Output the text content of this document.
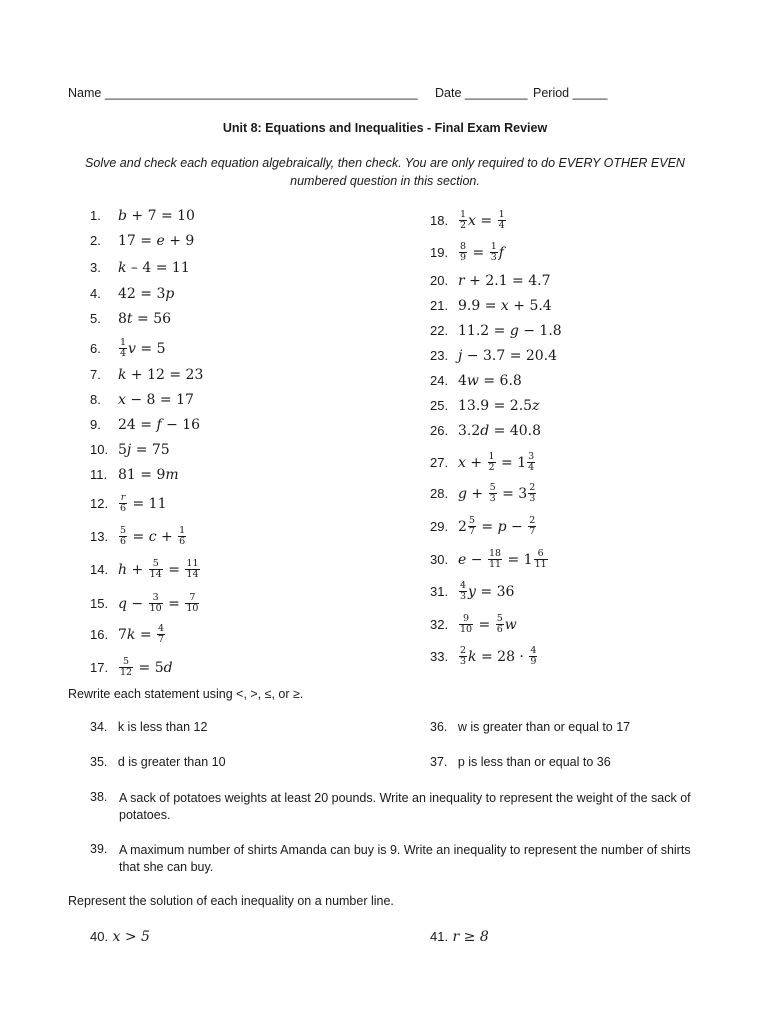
Name _____________________________________________ Date _________ Period _____
Unit 8: Equations and Inequalities - Final Exam Review
Solve and check each equation algebraically, then check. You are only required to do EVERY OTHER EVEN numbered question in this section.
1. b + 7 = 10
2. 17 = e + 9
3. k – 4 = 11
4. 42 = 3p
5. 8t = 56
6. $\frac{1}{4}$ v = 5
7. k + 12 = 23
8. x − 8 = 17
9. 24 = f − 16
10. 5j = 75
11. 81 = 9m
12. $\frac{r}{6} = 11$
13. $\frac{5}{6} = c + \frac{1}{6}$
14. $h + \frac{5}{14} = \frac{11}{14}$
15. $q - \frac{3}{10} = \frac{7}{10}$
16. $7k = \frac{4}{7}$
17. $\frac{5}{12} = 5d$
18. $\frac{1}{2}$ $x = \frac{1}{4}$
19. $\frac{8}{9} = \frac{1}{3}$ f
20. r + 2.1 = 4.7
21. 9.9 = x + 5.4
22. 11.2 = g − 1.8
23. j − 3.7 = 20.4
24. 4w = 6.8
25. 13.9 = 2.5z
26. 3.2d = 40.8
27. $x + \frac{1}{2} = 1 \frac{3}{4}$
28. $g + \frac{5}{3} = 3 \frac{2}{3}$
29. $2 \frac{5}{7} = p - \frac{2}{7}$
30. $e - \frac{18}{11} = 1 \frac{6}{11}$
31. $\frac{4}{3}$ y = 36
32. $\frac{9}{10} = \frac{5}{6}$ w
33. $\frac{2}{3}$ $k = 28 \cdot \frac{4}{9}$
Rewrite each statement using <, >, ≤, or ≥.
34. k is less than 12
35. d is greater than 10
36. w is greater than or equal to 17
37. p is less than or equal to 36
38. A sack of potatoes weights at least 20 pounds. Write an inequality to represent the weight of the sack of potatoes.
39. A maximum number of shirts Amanda can buy is 9. Write an inequality to represent the number of shirts that she can buy.
Represent the solution of each inequality on a number line.
40. x > 5	41. r ≥ 8
